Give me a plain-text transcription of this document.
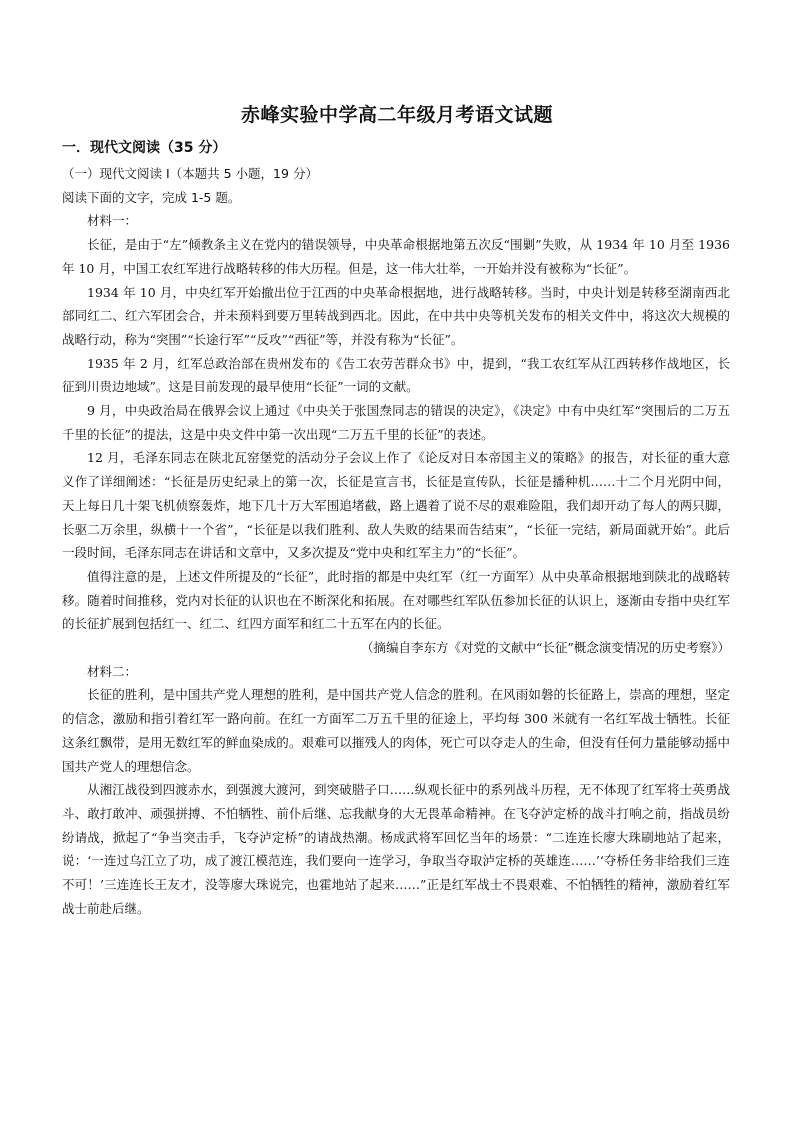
赤峰实验中学高二年级月考语文试题
一．现代文阅读（35 分）

（一）现代文阅读 I（本题共 5 小题，19 分）

阅读下面的文字，完成 1-5 题。

材料一：

长征，是由于“左”倾教条主义在党内的错误领导，中央革命根据地第五次反“围剿”失败，从 1934 年 10 月至 1936 年 10 月，中国工农红军进行战略转移的伟大历程。但是，这一伟大壮举，一开始并没有被称为“长征”。

1934 年 10 月，中央红军开始撤出位于江西的中央革命根据地，进行战略转移。当时，中央计划是转移至湖南西北部同红二、红六军团会合，并未预料到要万里转战到西北。因此，在中共中央等机关发布的相关文件中，将这次大规模的战略行动，称为“突围”“长途行军”“反攻”“西征”等，并没有称为“长征”。

1935 年 2 月，红军总政治部在贵州发布的《告工农劳苦群众书》中，提到，“我工农红军从江西转移作战地区，长征到川贵边地域”。这是目前发现的最早使用“长征”一词的文献。

9 月，中央政治局在俄界会议上通过《中央关于张国焘同志的错误的决定》，《决定》中有中央红军“突围后的二万五千里的长征”的提法，这是中央文件中第一次出现“二万五千里的长征”的表述。

12 月，毛泽东同志在陕北瓦窑堡党的活动分子会议上作了《论反对日本帝国主义的策略》的报告，对长征的重大意义作了详细阐述：“长征是历史纪录上的第一次，长征是宣言书，长征是宣传队，长征是播种机……十二个月光阴中间，天上每日几十架飞机侦察轰炸，地下几十万大军围追堵截，路上遇着了说不尽的艰难险阻，我们却开动了每人的两只脚，长驱二万余里，纵横十一个省”，“长征是以我们胜利、敌人失败的结果而告结束”，“长征一完结，新局面就开始”。此后一段时间，毛泽东同志在讲话和文章中，又多次提及“党中央和红军主力”的“长征”。

值得注意的是，上述文件所提及的“长征”，此时指的都是中央红军（红一方面军）从中央革命根据地到陕北的战略转移。随着时间推移，党内对长征的认识也在不断深化和拓展。在对哪些红军队伍参加长征的认识上，逐渐由专指中央红军的长征扩展到包括红一、红二、红四方面军和红二十五军在内的长征。

（摘编自李东方《对党的文献中“长征”概念演变情况的历史考察》）

材料二：

长征的胜利，是中国共产党人理想的胜利，是中国共产党人信念的胜利。在风雨如磐的长征路上，崇高的理想，坚定的信念，激励和指引着红军一路向前。在红一方面军二万五千里的征途上，平均每 300 米就有一名红军战士牺牲。长征这条红飘带，是用无数红军的鲜血染成的。艰难可以摧残人的肉体，死亡可以夺走人的生命，但没有任何力量能够动摇中国共产党人的理想信念。

从湘江战役到四渡赤水，到强渡大渡河，到突破腊子口……纵观长征中的系列战斗历程，无不体现了红军将士英勇战斗、敢打敢冲、顽强拼搏、不怕牺牲、前仆后继、忘我献身的大无畏革命精神。在飞夺泸定桥的战斗打响之前，指战员纷纷请战，掀起了“争当突击手，飞夺泸定桥”的请战热潮。杨成武将军回忆当年的场景：“二连连长廖大珠刷地站了起来，说：‘一连过乌江立了功，成了渡江模范连，我们要向一连学习，争取当夺取泸定桥的英雄连……’‘夺桥任务非给我们三连不可！’三连连长王友才，没等廖大珠说完，也霍地站了起来……”正是红军战士不畏艰难、不怕牺牲的精神，激励着红军战士前赴后继。
